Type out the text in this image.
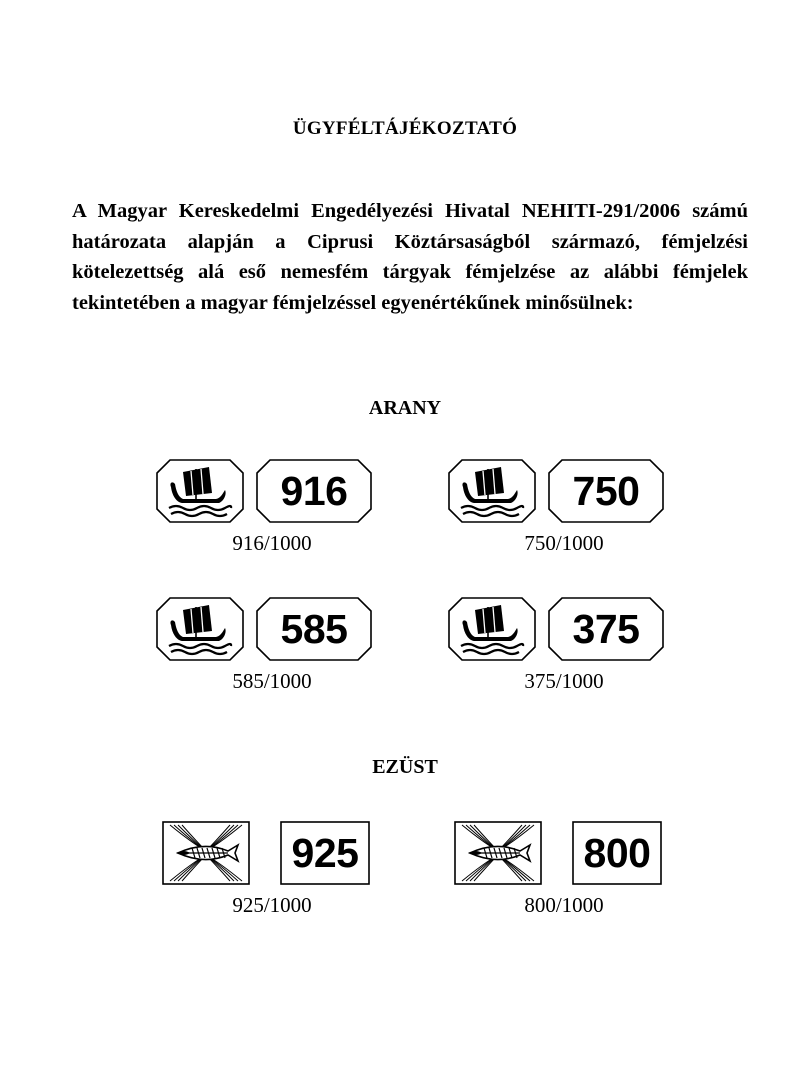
ÜGYFÉLTÁJÉKOZTATÓ
A Magyar Kereskedelmi Engedélyezési Hivatal NEHITI-291/2006 számú határozata alapján a Ciprusi Köztársaságból származó, fémjelzési kötelezettség alá eső nemesfém tárgyak fémjelzése az alábbi fémjelek tekintetében a magyar fémjelzéssel egyenértékűnek minősülnek:
ARANY
916
916/1000
750
750/1000
585
585/1000
375
375/1000
EZÜST
925
925/1000
800
800/1000
